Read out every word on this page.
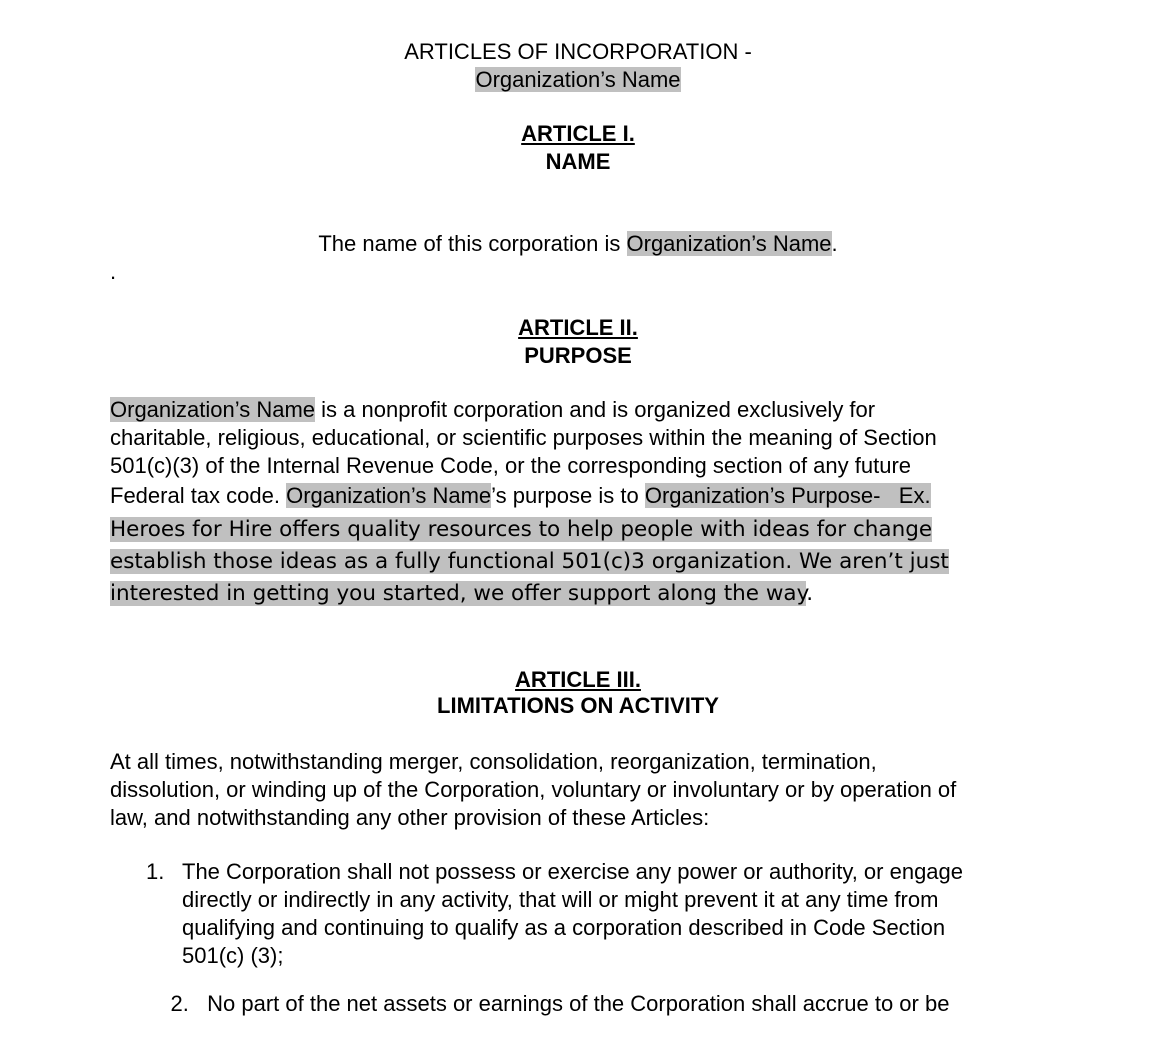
ARTICLES OF INCORPORATION -
Organization’s Name
ARTICLE I.
NAME
The name of this corporation is Organization’s Name.
.
ARTICLE II.
PURPOSE
Organization’s Name is a nonprofit corporation and is organized exclusively for
charitable, religious, educational, or scientific purposes within the meaning of Section
501(c)(3) of the Internal Revenue Code, or the corresponding section of any future
Federal tax code. Organization’s Name’s purpose is to Organization’s Purpose-   Ex.
Heroes for Hire offers quality resources to help people with ideas for change
establish those ideas as a fully functional 501(c)3 organization. We aren’t just
interested in getting you started, we offer support along the way.
ARTICLE III.
LIMITATIONS ON ACTIVITY
At all times, notwithstanding merger, consolidation, reorganization, termination,
dissolution, or winding up of the Corporation, voluntary or involuntary or by operation of
law, and notwithstanding any other provision of these Articles:
1. The Corporation shall not possess or exercise any power or authority, or engage
directly or indirectly in any activity, that will or might prevent it at any time from
qualifying and continuing to qualify as a corporation described in Code Section
501(c) (3);

2.   No part of the net assets or earnings of the Corporation shall accrue to or be
